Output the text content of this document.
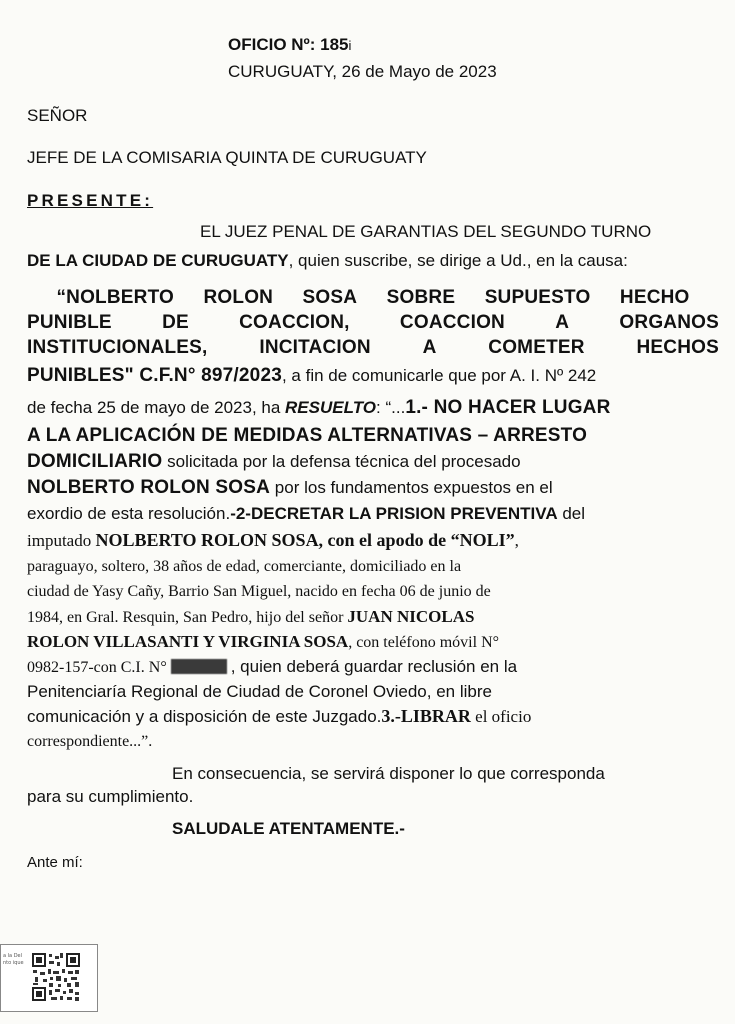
OFICIO Nº: 185i
CURUGUATY, 26 de Mayo de 2023
SEÑOR
JEFE DE LA COMISARIA QUINTA DE CURUGUATY
PRESENTE:
EL JUEZ PENAL DE GARANTIAS DEL SEGUNDO TURNO
DE LA CIUDAD DE CURUGUATY, quien suscribe, se dirige a Ud., en la causa:
“NOLBERTO ROLON SOSA SOBRE SUPUESTO HECHO
PUNIBLE	DE	COACCION,	COACCION	A	ORGANOS
INSTITUCIONALES,	INCITACION	A	COMETER	HECHOS
PUNIBLES" C.F.N° 897/2023, a fin de comunicarle que por A. I. Nº 242
de fecha 25 de mayo de 2023, ha RESUELTO: “...1.- NO HACER LUGAR
A LA APLICACIÓN DE MEDIDAS ALTERNATIVAS – ARRESTO
DOMICILIARIO solicitada por la defensa técnica del procesado
NOLBERTO ROLON SOSA por los fundamentos expuestos en el
exordio de esta resolución.-2-DECRETAR LA PRISION PREVENTIVA del
imputado NOLBERTO ROLON SOSA, con el apodo de “NOLI”,
paraguayo, soltero, 38 años de edad, comerciante, domiciliado en la
ciudad de Yasy Cañy, Barrio San Miguel, nacido en fecha 06 de junio de
1984, en Gral. Resquin, San Pedro, hijo del señor JUAN NICOLAS
ROLON VILLASANTI Y VIRGINIA SOSA, con teléfono móvil N°
0982-157-con C.I. N°	, quien deberá guardar reclusión en la
Penitenciaría Regional de Ciudad de Coronel Oviedo, en libre
comunicación y a disposición de este Juzgado.3.-LIBRAR el oficio
correspondiente...”.
En consecuencia, se servirá disponer lo que corresponda
para su cumplimiento.
SALUDALE ATENTAMENTE.-
Ante mí:
a la Del nto ique
